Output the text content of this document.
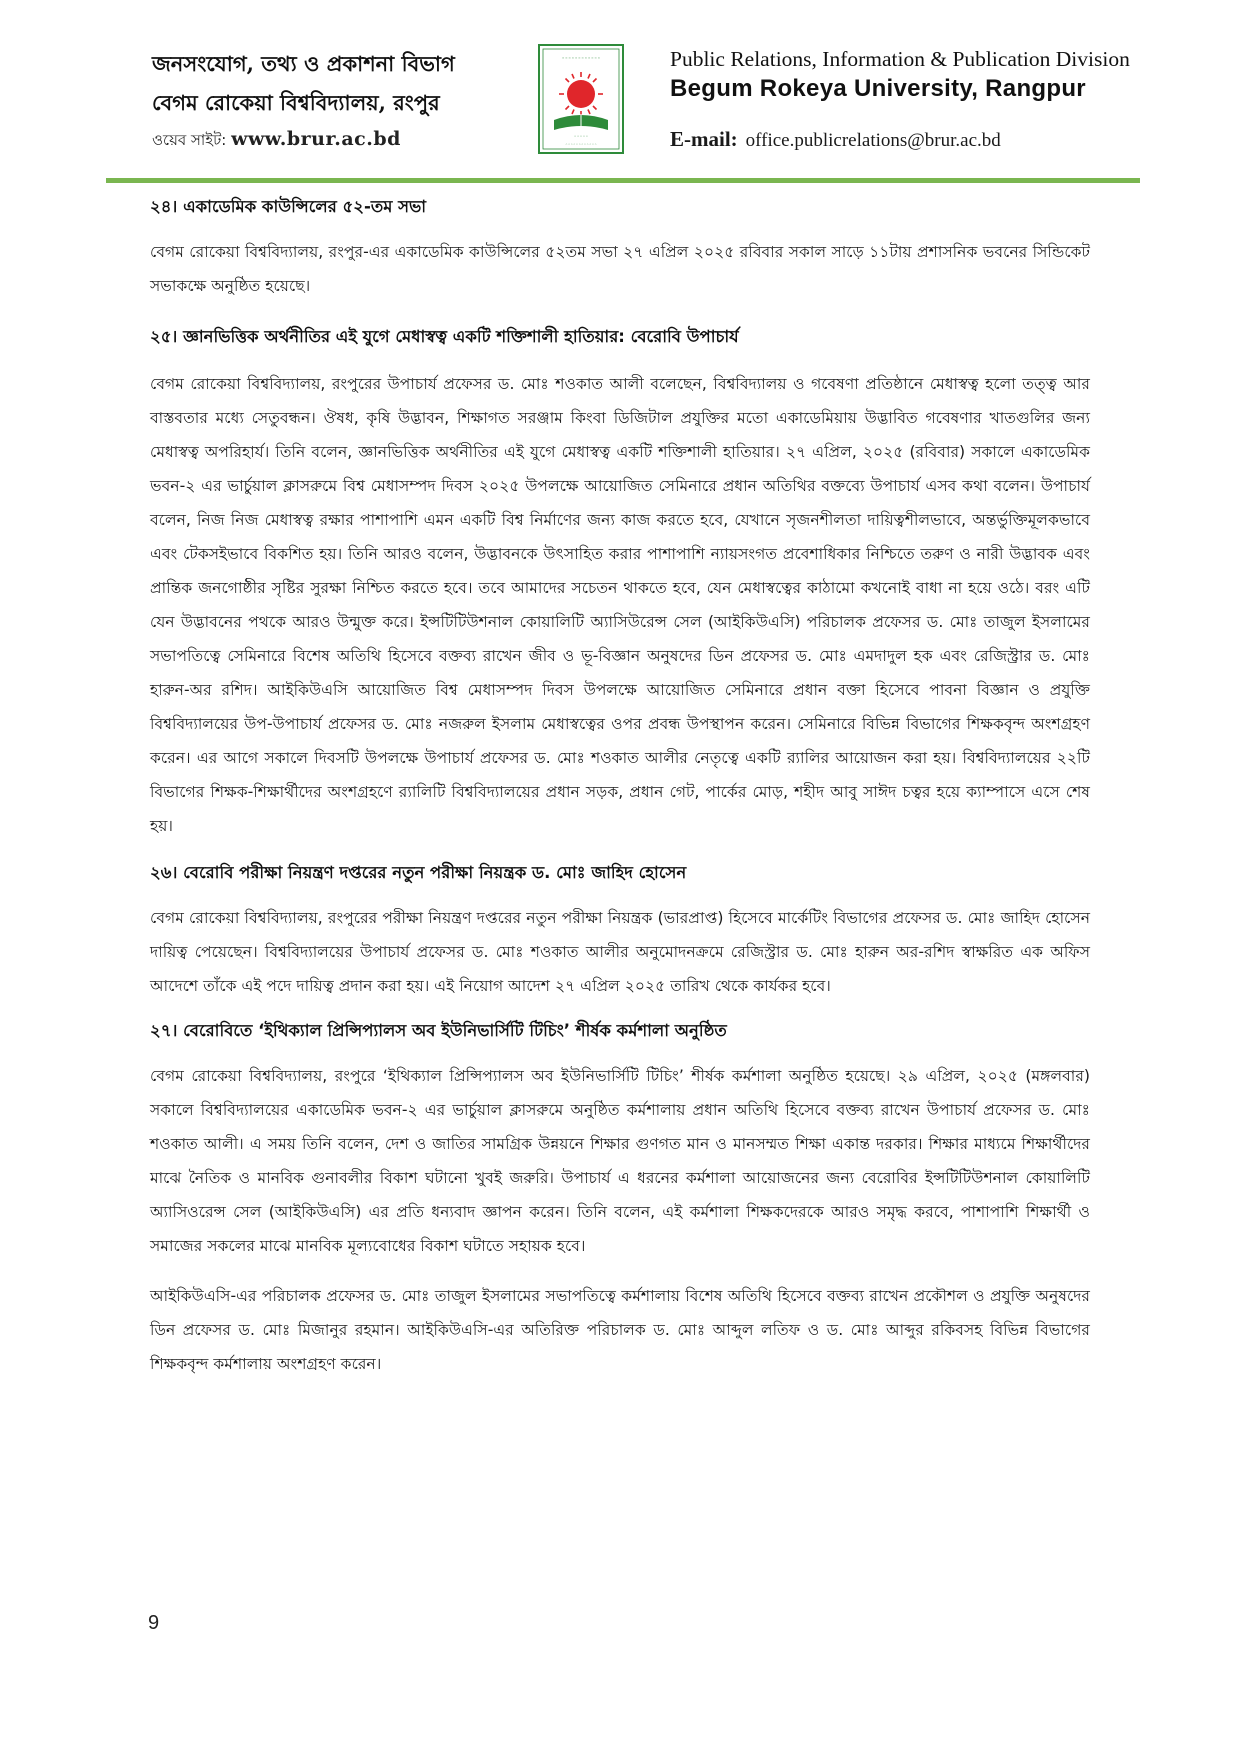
জনসংযোগ, তথ্য ও প্রকাশনা বিভাগ
বেগম রোকেয়া বিশ্ববিদ্যালয়, রংপুর
ওয়েব সাইট: www.brur.ac.bd
◦◦◦◦◦◦◦◦◦◦◦◦
◦◦◦◦◦
◦◦◦◦◦◦◦◦◦◦◦◦
Public Relations, Information & Publication Division
Begum Rokeya University, Rangpur
E-mail: office.publicrelations@brur.ac.bd
২৪। একাডেমিক কাউন্সিলের ৫২-তম সভা

বেগম রোকেয়া বিশ্ববিদ্যালয়, রংপুর-এর একাডেমিক কাউন্সিলের ৫২তম সভা ২৭ এপ্রিল ২০২৫ রবিবার সকাল সাড়ে ১১টায় প্রশাসনিক ভবনের সিন্ডিকেট সভাকক্ষে অনুষ্ঠিত হয়েছে।

২৫। জ্ঞানভিত্তিক অর্থনীতির এই যুগে মেধাস্বত্ব একটি শক্তিশালী হাতিয়ার: বেরোবি উপাচার্য

বেগম রোকেয়া বিশ্ববিদ্যালয়, রংপুরের উপাচার্য প্রফেসর ড. মোঃ শওকাত আলী বলেছেন, বিশ্ববিদ্যালয় ও গবেষণা প্রতিষ্ঠানে মেধাস্বত্ব হলো তত্ত্ব আর বাস্তবতার মধ্যে সেতুবন্ধন। ঔষধ, কৃষি উদ্ভাবন, শিক্ষাগত সরঞ্জাম কিংবা ডিজিটাল প্রযুক্তির মতো একাডেমিয়ায় উদ্ভাবিত গবেষণার খাতগুলির জন্য মেধাস্বত্ব অপরিহার্য। তিনি বলেন, জ্ঞানভিত্তিক অর্থনীতির এই যুগে মেধাস্বত্ব একটি শক্তিশালী হাতিয়ার। ২৭ এপ্রিল, ২০২৫ (রবিবার) সকালে একাডেমিক ভবন-২ এর ভার্চুয়াল ক্লাসরুমে বিশ্ব মেধাসম্পদ দিবস ২০২৫ উপলক্ষে আয়োজিত সেমিনারে প্রধান অতিথির বক্তব্যে উপাচার্য এসব কথা বলেন। উপাচার্য বলেন, নিজ নিজ মেধাস্বত্ব রক্ষার পাশাপাশি এমন একটি বিশ্ব নির্মাণের জন্য কাজ করতে হবে, যেখানে সৃজনশীলতা দায়িত্বশীলভাবে, অন্তর্ভুক্তিমূলকভাবে এবং টেকসইভাবে বিকশিত হয়। তিনি আরও বলেন, উদ্ভাবনকে উৎসাহিত করার পাশাপাশি ন্যায়সংগত প্রবেশাধিকার নিশ্চিতে তরুণ ও নারী উদ্ভাবক এবং প্রান্তিক জনগোষ্ঠীর সৃষ্টির সুরক্ষা নিশ্চিত করতে হবে। তবে আমাদের সচেতন থাকতে হবে, যেন মেধাস্বত্বের কাঠামো কখনোই বাধা না হয়ে ওঠে। বরং এটি যেন উদ্ভাবনের পথকে আরও উন্মুক্ত করে। ইন্সটিটিউশনাল কোয়ালিটি অ্যাসিউরেন্স সেল (আইকিউএসি) পরিচালক প্রফেসর ড. মোঃ তাজুল ইসলামের সভাপতিত্বে সেমিনারে বিশেষ অতিথি হিসেবে বক্তব্য রাখেন জীব ও ভূ-বিজ্ঞান অনুষদের ডিন প্রফেসর ড. মোঃ এমদাদুল হক এবং রেজিস্ট্রার ড. মোঃ হারুন-অর রশিদ। আইকিউএসি আয়োজিত বিশ্ব মেধাসম্পদ দিবস উপলক্ষে আয়োজিত সেমিনারে প্রধান বক্তা হিসেবে পাবনা বিজ্ঞান ও প্রযুক্তি বিশ্ববিদ্যালয়ের উপ-উপাচার্য প্রফেসর ড. মোঃ নজরুল ইসলাম মেধাস্বত্বের ওপর প্রবন্ধ উপস্থাপন করেন। সেমিনারে বিভিন্ন বিভাগের শিক্ষকবৃন্দ অংশগ্রহণ করেন। এর আগে সকালে দিবসটি উপলক্ষে উপাচার্য প্রফেসর ড. মোঃ শওকাত আলীর নেতৃত্বে একটি র‍্যালির আয়োজন করা হয়। বিশ্ববিদ্যালয়ের ২২টি বিভাগের শিক্ষক-শিক্ষার্থীদের অংশগ্রহণে র‍্যালিটি বিশ্ববিদ্যালয়ের প্রধান সড়ক, প্রধান গেট, পার্কের মোড়, শহীদ আবু সাঈদ চত্বর হয়ে ক্যাম্পাসে এসে শেষ হয়।

২৬। বেরোবি পরীক্ষা নিয়ন্ত্রণ দপ্তরের নতুন পরীক্ষা নিয়ন্ত্রক ড. মোঃ জাহিদ হোসেন

বেগম রোকেয়া বিশ্ববিদ্যালয়, রংপুরের পরীক্ষা নিয়ন্ত্রণ দপ্তরের নতুন পরীক্ষা নিয়ন্ত্রক (ভারপ্রাপ্ত) হিসেবে মার্কেটিং বিভাগের প্রফেসর ড. মোঃ জাহিদ হোসেন দায়িত্ব পেয়েছেন। বিশ্ববিদ্যালয়ের উপাচার্য প্রফেসর ড. মোঃ শওকাত আলীর অনুমোদনক্রমে রেজিস্ট্রার ড. মোঃ হারুন অর-রশিদ স্বাক্ষরিত এক অফিস আদেশে তাঁকে এই পদে দায়িত্ব প্রদান করা হয়। এই নিয়োগ আদেশ ২৭ এপ্রিল ২০২৫ তারিখ থেকে কার্যকর হবে।

২৭। বেরোবিতে ‘ইথিক্যাল প্রিন্সিপ্যালস অব ইউনিভার্সিটি টিচিং’ শীর্ষক কর্মশালা অনুষ্ঠিত

বেগম রোকেয়া বিশ্ববিদ্যালয়, রংপুরে ‘ইথিক্যাল প্রিন্সিপ্যালস অব ইউনিভার্সিটি টিচিং’ শীর্ষক কর্মশালা অনুষ্ঠিত হয়েছে। ২৯ এপ্রিল, ২০২৫ (মঙ্গলবার) সকালে বিশ্ববিদ্যালয়ের একাডেমিক ভবন-২ এর ভার্চুয়াল ক্লাসরুমে অনুষ্ঠিত কর্মশালায় প্রধান অতিথি হিসেবে বক্তব্য রাখেন উপাচার্য প্রফেসর ড. মোঃ শওকাত আলী। এ সময় তিনি বলেন, দেশ ও জাতির সামগ্রিক উন্নয়নে শিক্ষার গুণগত মান ও মানসম্মত শিক্ষা একান্ত দরকার। শিক্ষার মাধ্যমে শিক্ষার্থীদের মাঝে নৈতিক ও মানবিক গুনাবলীর বিকাশ ঘটানো খুবই জরুরি। উপাচার্য এ ধরনের কর্মশালা আয়োজনের জন্য বেরোবির ইন্সটিটিউশনাল কোয়ালিটি অ্যাসিওরেন্স সেল (আইকিউএসি) এর প্রতি ধন্যবাদ জ্ঞাপন করেন। তিনি বলেন, এই কর্মশালা শিক্ষকদেরকে আরও সমৃদ্ধ করবে, পাশাপাশি শিক্ষার্থী ও সমাজের সকলের মাঝে মানবিক মূল্যবোধের বিকাশ ঘটাতে সহায়ক হবে।

আইকিউএসি-এর পরিচালক প্রফেসর ড. মোঃ তাজুল ইসলামের সভাপতিত্বে কর্মশালায় বিশেষ অতিথি হিসেবে বক্তব্য রাখেন প্রকৌশল ও প্রযুক্তি অনুষদের ডিন প্রফেসর ড. মোঃ মিজানুর রহমান। আইকিউএসি-এর অতিরিক্ত পরিচালক ড. মোঃ আব্দুল লতিফ ও ড. মোঃ আব্দুর রকিবসহ বিভিন্ন বিভাগের শিক্ষকবৃন্দ কর্মশালায় অংশগ্রহণ করেন।

9
